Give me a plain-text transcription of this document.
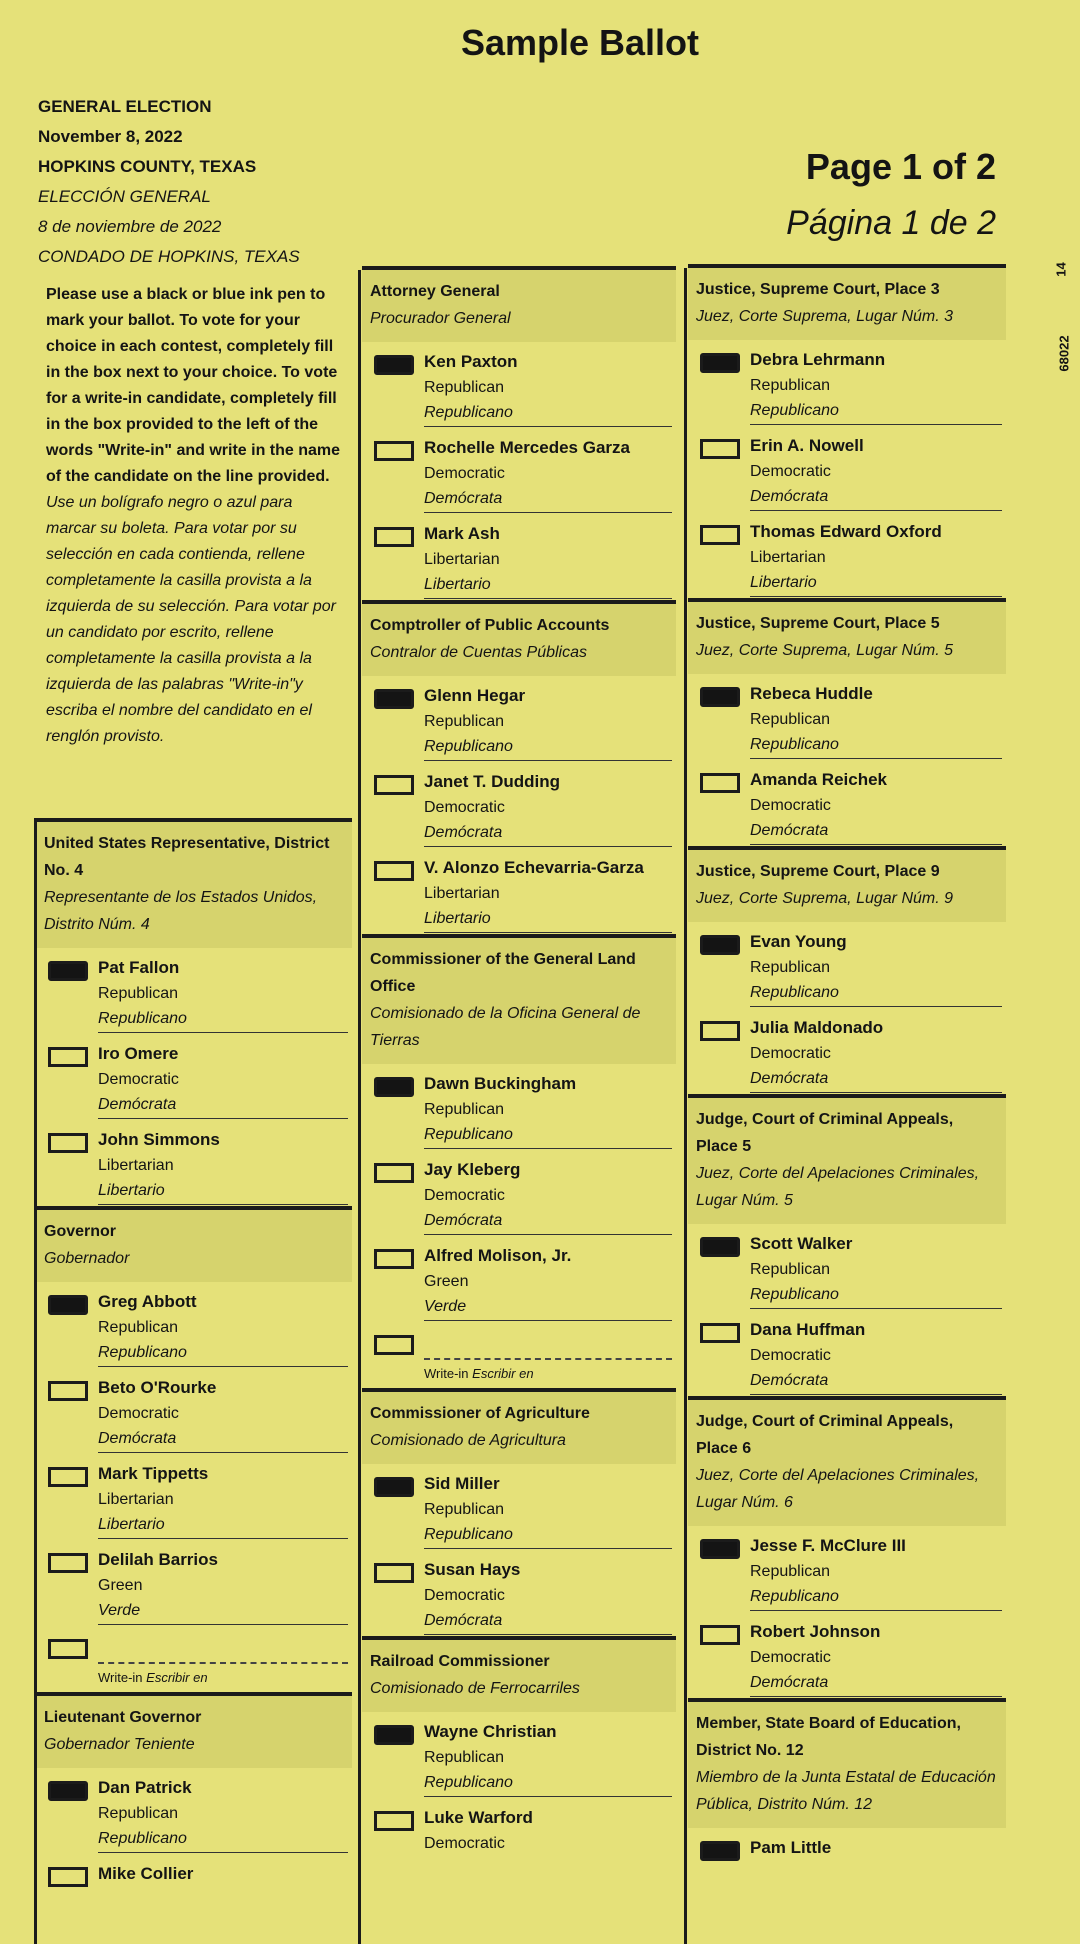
Sample Ballot
GENERAL ELECTION
November 8, 2022
HOPKINS COUNTY, TEXAS
ELECCIÓN GENERAL
8 de noviembre de 2022
CONDADO DE HOPKINS, TEXAS
Page 1 of 2
Página 1 de 2
14
68022
Please use a black or blue ink pen to mark your ballot. To vote for your choice in each contest, completely fill in the box next to your choice. To vote for a write-in candidate, completely fill in the box provided to the left of the words "Write-in" and write in the name of the candidate on the line provided.
Use un bolígrafo negro o azul para marcar su boleta. Para votar por su selección en cada contienda, rellene completamente la casilla provista a la izquierda de su selección. Para votar por un candidato por escrito, rellene completamente la casilla provista a la izquierda de las palabras "Write-in"y escriba el nombre del candidato en el renglón provisto.
United States Representative, District No. 4
Representante de los Estados Unidos, Distrito Núm. 4
Pat Fallon
Republican
Republicano
Iro Omere
Democratic
Demócrata
John Simmons
Libertarian
Libertario
Governor
Gobernador
Greg Abbott
Republican
Republicano
Beto O'Rourke
Democratic
Demócrata
Mark Tippetts
Libertarian
Libertario
Delilah Barrios
Green
Verde
Write-in Escribir en
Lieutenant Governor
Gobernador Teniente
Dan Patrick
Republican
Republicano
Mike Collier
Attorney General
Procurador General
Ken Paxton
Republican
Republicano
Rochelle Mercedes Garza
Democratic
Demócrata
Mark Ash
Libertarian
Libertario
Comptroller of Public Accounts
Contralor de Cuentas Públicas
Glenn Hegar
Republican
Republicano
Janet T. Dudding
Democratic
Demócrata
V. Alonzo Echevarria-Garza
Libertarian
Libertario
Commissioner of the General Land Office
Comisionado de la Oficina General de Tierras
Dawn Buckingham
Republican
Republicano
Jay Kleberg
Democratic
Demócrata
Alfred Molison, Jr.
Green
Verde
Write-in Escribir en
Commissioner of Agriculture
Comisionado de Agricultura
Sid Miller
Republican
Republicano
Susan Hays
Democratic
Demócrata
Railroad Commissioner
Comisionado de Ferrocarriles
Wayne Christian
Republican
Republicano
Luke Warford
Democratic
Justice, Supreme Court, Place 3
Juez, Corte Suprema, Lugar Núm. 3
Debra Lehrmann
Republican
Republicano
Erin A. Nowell
Democratic
Demócrata
Thomas Edward Oxford
Libertarian
Libertario
Justice, Supreme Court, Place 5
Juez, Corte Suprema, Lugar Núm. 5
Rebeca Huddle
Republican
Republicano
Amanda Reichek
Democratic
Demócrata
Justice, Supreme Court, Place 9
Juez, Corte Suprema, Lugar Núm. 9
Evan Young
Republican
Republicano
Julia Maldonado
Democratic
Demócrata
Judge, Court of Criminal Appeals, Place 5
Juez, Corte del Apelaciones Criminales, Lugar Núm. 5
Scott Walker
Republican
Republicano
Dana Huffman
Democratic
Demócrata
Judge, Court of Criminal Appeals, Place 6
Juez, Corte del Apelaciones Criminales, Lugar Núm. 6
Jesse F. McClure III
Republican
Republicano
Robert Johnson
Democratic
Demócrata
Member, State Board of Education, District No. 12
Miembro de la Junta Estatal de Educación Pública, Distrito Núm. 12
Pam Little
